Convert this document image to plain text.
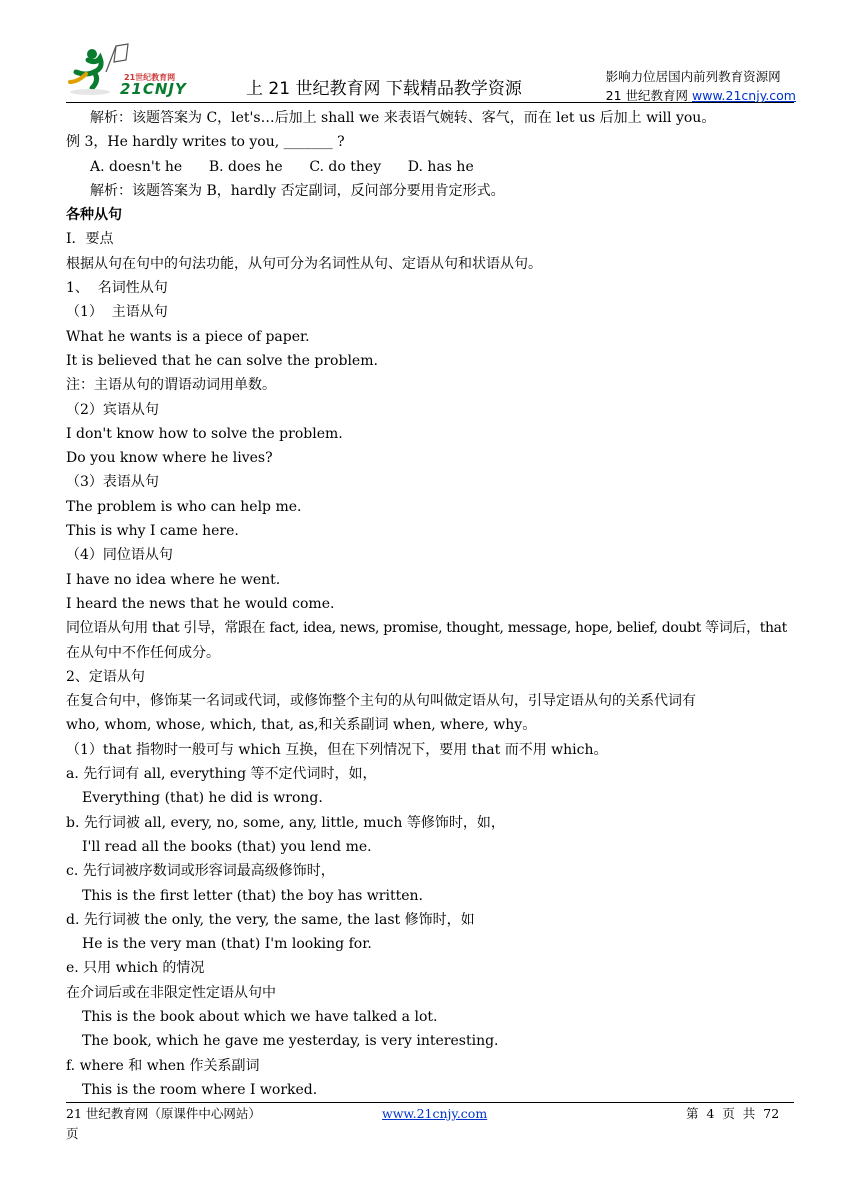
21世纪教育网
21CNJY	上 21 世纪教育网 下载精品教学资源
影响力位居国内前列教育资源网
21 世纪教育网 www.21cnjy.com
解析：该题答案为 C，let's…后加上 shall we 来表语气婉转、客气，而在 let us 后加上 will you。
例 3，He hardly writes to you, _______ ?
A. doesn't he      B. does he      C. do they      D. has he
解析：该题答案为 B，hardly 否定副词，反问部分要用肯定形式。
各种从句
I．要点
根据从句在句中的句法功能，从句可分为名词性从句、定语从句和状语从句。
1、  名词性从句
（1）  主语从句
What he wants is a piece of paper.
It is believed that he can solve the problem.
注：主语从句的谓语动词用单数。
（2）宾语从句
I don't know how to solve the problem.
Do you know where he lives?
（3）表语从句
The problem is who can help me.
This is why I came here.
（4）同位语从句
I have no idea where he went.
I heard the news that he would come.
同位语从句用 that 引导，常跟在 fact, idea, news, promise, thought, message, hope, belief, doubt 等词后，that
在从句中不作任何成分。
2、定语从句
在复合句中，修饰某一名词或代词，或修饰整个主句的从句叫做定语从句，引导定语从句的关系代词有
who, whom, whose, which, that, as,和关系副词 when, where, why。
（1）that 指物时一般可与 which 互换，但在下列情况下，要用 that 而不用 which。
a. 先行词有 all, everything 等不定代词时，如，
Everything (that) he did is wrong.
b. 先行词被 all, every, no, some, any, little, much 等修饰时，如，
I'll read all the books (that) you lend me.
c. 先行词被序数词或形容词最高级修饰时，
This is the first letter (that) the boy has written.
d. 先行词被 the only, the very, the same, the last 修饰时，如
He is the very man (that) I'm looking for.
e. 只用 which 的情况
在介词后或在非限定性定语从句中
This is the book about which we have talked a lot.
The book, which he gave me yesterday, is very interesting.
f. where 和 when 作关系副词
This is the room where I worked.
21 世纪教育网（原课件中心网站）	www.21cnjy.com	第  4  页  共  72
页
